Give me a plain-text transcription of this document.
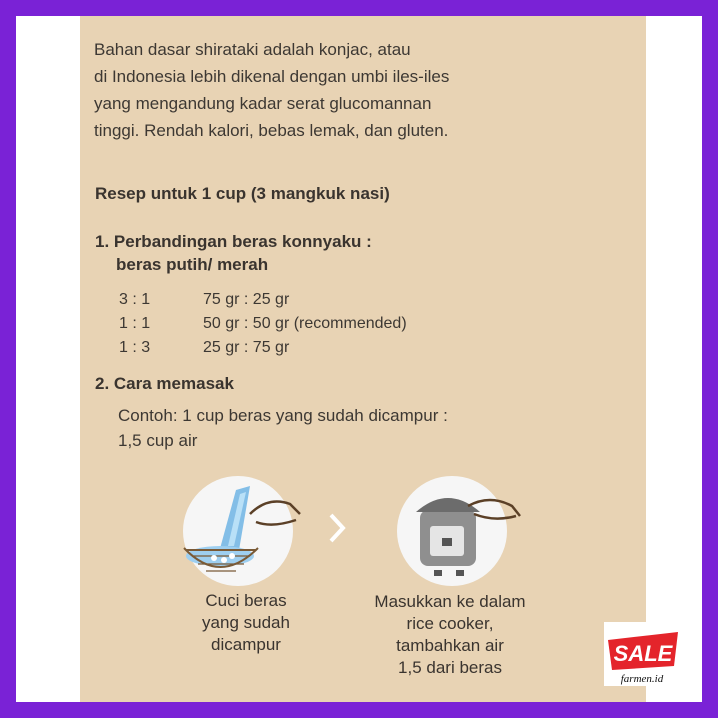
Bahan dasar shirataki adalah konjac, atau
di Indonesia lebih dikenal dengan umbi iles-iles
yang mengandung kadar serat glucomannan
tinggi. Rendah kalori, bebas lemak, dan gluten.
Resep untuk 1 cup (3 mangkuk nasi)
1. Perbandingan beras konnyaku :
beras putih/ merah
3 : 1	75 gr : 25 gr
1 : 1	50 gr : 50 gr (recommended)
1 : 3	25 gr : 75 gr
2. Cara memasak
Contoh: 1 cup beras yang sudah dicampur :
1,5 cup air
Cuci beras
yang sudah
dicampur
Masukkan ke dalam
rice cooker,
tambahkan air
1,5 dari beras
SALE
farmen.id
